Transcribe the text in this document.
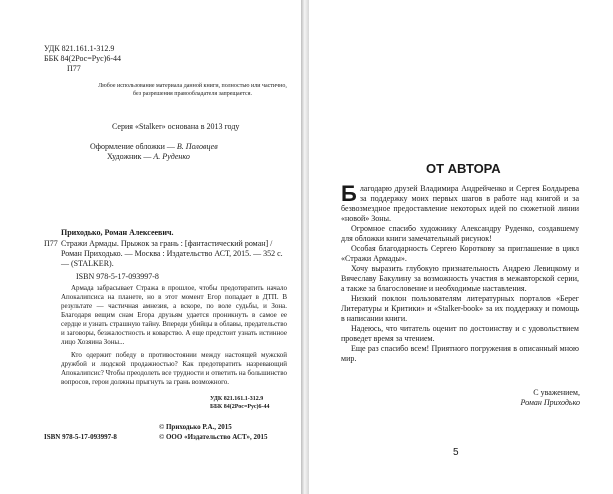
УДК 821.161.1-312.9
ББК 84(2Рос=Рус)6-44
П77
Любое использование материала данной книги, полностью или частично, без разрешения правообладателя запрещается.
Серия «Stalker» основана в 2013 году
Оформление обложки — В. Половцев
Художник — А. Руденко
Приходько, Роман Алексеевич.
П77 Стражи Армады. Прыжок за грань : [фантастический роман] / Роман Приходько. — Москва : Издательство АСТ, 2015. — 352 с. — (STALKER).
ISBN 978-5-17-093997-8
Армада забрасывает Стража в прошлое, чтобы предотвратить начало Апокалипсиса на планете, но в этот момент Егор попадает в ДТП. В результате — частичная амнезия, а вскоре, по воле судьбы, и Зона. Благодаря вещим снам Егора друзьям удается проникнуть в самое ее сердце и узнать страшную тайну. Впереди убийцы в облавы, предательство и заговоры, безжалостность и коварство. А еще предстоит узнать истинное лицо Хозяина Зоны...
Кто одержит победу в противостоянии между настоящей мужской дружбой и людской продажностью? Как предотвратить назревающий Апокалипсис? Чтобы преодолеть все трудности и ответить на большинство вопросов, герои должны прыгнуть за грань возможного.
УДК 821.161.1-312.9
ББК 84(2Рос=Рус)6-44
ISBN 978-5-17-093997-8
© Приходько Р.А., 2015
© ООО «Издательство АСТ», 2015
ОТ АВТОРА

Благодарю друзей Владимира Андрейченко и Сергея Болдырева за поддержку моих первых шагов в работе над книгой и за безвозмездное предоставление некоторых идей по сюжетной линии «новой» Зоны.

Огромное спасибо художнику Александру Руденко, создавшему для обложки книги замечательный рисунок!

Особая благодарность Сергею Короткову за приглашение в цикл «Стражи Армады».

Хочу выразить глубокую признательность Андрею Левицкому и Вячеславу Бакулину за возможность участия в межавторской серии, а также за благословение и необходимые наставления.

Низкий поклон пользователям литературных порталов «Берег Литературы и Критики» и «Stalker-book» за их поддержку и помощь в написании книги.

Надеюсь, что читатель оценит по достоинству и с удовольствием проведет время за чтением.

Еще раз спасибо всем! Приятного погружения в описанный мною мир.

С уважением,
Роман Приходько
5
